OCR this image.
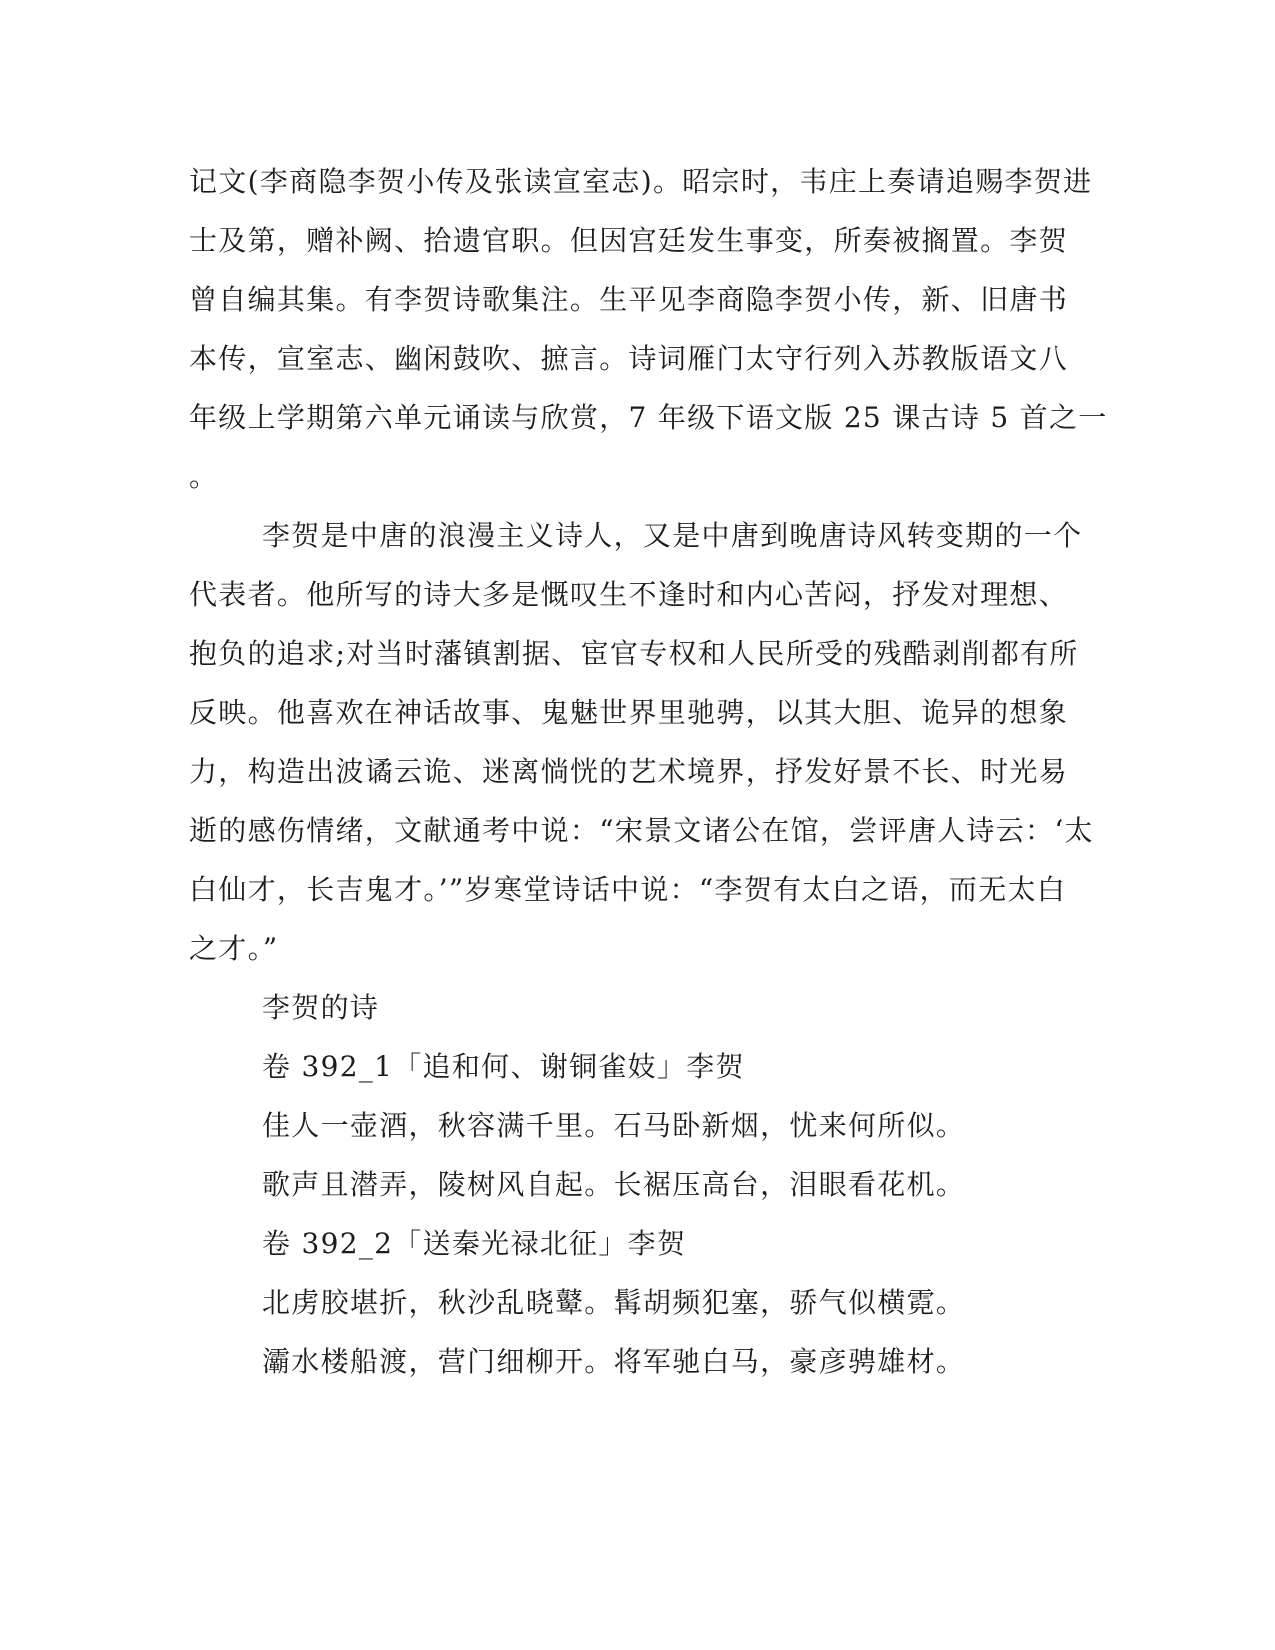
记文(李商隐李贺小传及张读宣室志)。昭宗时，韦庄上奏请追赐李贺进
士及第，赠补阙、拾遗官职。但因宫廷发生事变，所奏被搁置。李贺
曾自编其集。有李贺诗歌集注。生平见李商隐李贺小传，新、旧唐书
本传，宣室志、幽闲鼓吹、摭言。诗词雁门太守行列入苏教版语文八
年级上学期第六单元诵读与欣赏，7 年级下语文版 25 课古诗 5 首之一
。
李贺是中唐的浪漫主义诗人，又是中唐到晚唐诗风转变期的一个
代表者。他所写的诗大多是慨叹生不逢时和内心苦闷，抒发对理想、
抱负的追求;对当时藩镇割据、宦官专权和人民所受的残酷剥削都有所
反映。他喜欢在神话故事、鬼魅世界里驰骋，以其大胆、诡异的想象
力，构造出波谲云诡、迷离惝恍的艺术境界，抒发好景不长、时光易
逝的感伤情绪，文献通考中说：“宋景文诸公在馆，尝评唐人诗云：‘太
白仙才，长吉鬼才。’”岁寒堂诗话中说：“李贺有太白之语，而无太白
之才。”
李贺的诗
卷 392_1「追和何、谢铜雀妓」李贺
佳人一壶酒，秋容满千里。石马卧新烟，忧来何所似。
歌声且潜弄，陵树风自起。长裾压高台，泪眼看花机。
卷 392_2「送秦光禄北征」李贺
北虏胶堪折，秋沙乱晓鼙。髯胡频犯塞，骄气似横霓。
灞水楼船渡，营门细柳开。将军驰白马，豪彦骋雄材。
